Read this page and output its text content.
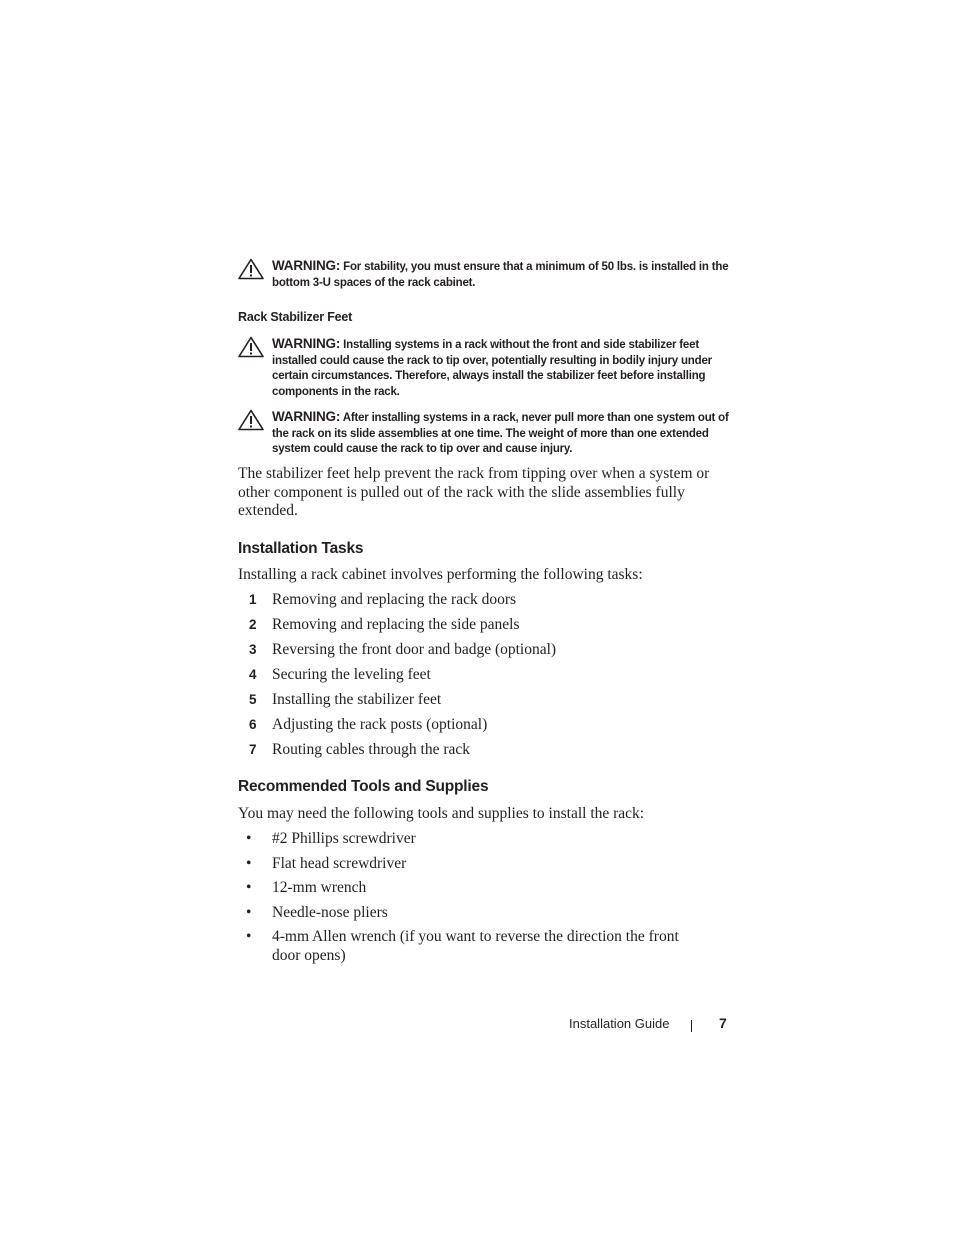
WARNING: For stability, you must ensure that a minimum of 50 lbs. is installed in the bottom 3-U spaces of the rack cabinet.
Rack Stabilizer Feet
WARNING: Installing systems in a rack without the front and side stabilizer feet installed could cause the rack to tip over, potentially resulting in bodily injury under certain circumstances. Therefore, always install the stabilizer feet before installing components in the rack.
WARNING: After installing systems in a rack, never pull more than one system out of the rack on its slide assemblies at one time. The weight of more than one extended system could cause the rack to tip over and cause injury.

The stabilizer feet help prevent the rack from tipping over when a system or other component is pulled out of the rack with the slide assemblies fully extended.

Installation Tasks

Installing a rack cabinet involves performing the following tasks:

1 Removing and replacing the rack doors
2 Removing and replacing the side panels
3 Reversing the front door and badge (optional)
4 Securing the leveling feet
5 Installing the stabilizer feet
6 Adjusting the rack posts (optional)
7 Routing cables through the rack
Recommended Tools and Supplies

You may need the following tools and supplies to install the rack:

• #2 Phillips screwdriver
• Flat head screwdriver
• 12-mm wrench
• Needle-nose pliers
• 4-mm Allen wrench (if you want to reverse the direction the front door opens)
Installation Guide	7
